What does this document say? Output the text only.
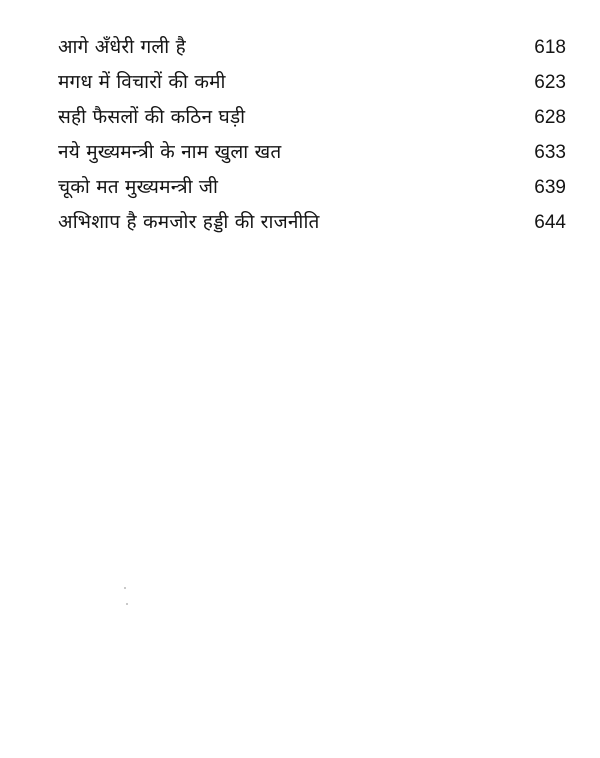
आगे अँधेरी गली है	618
मगध में विचारों की कमी	623
सही फैसलों की कठिन घड़ी	628
नये मुख्यमन्त्री के नाम खुला खत	633
चूको मत मुख्यमन्त्री जी	639
अभिशाप है कमजोर हड्डी की राजनीति	644
